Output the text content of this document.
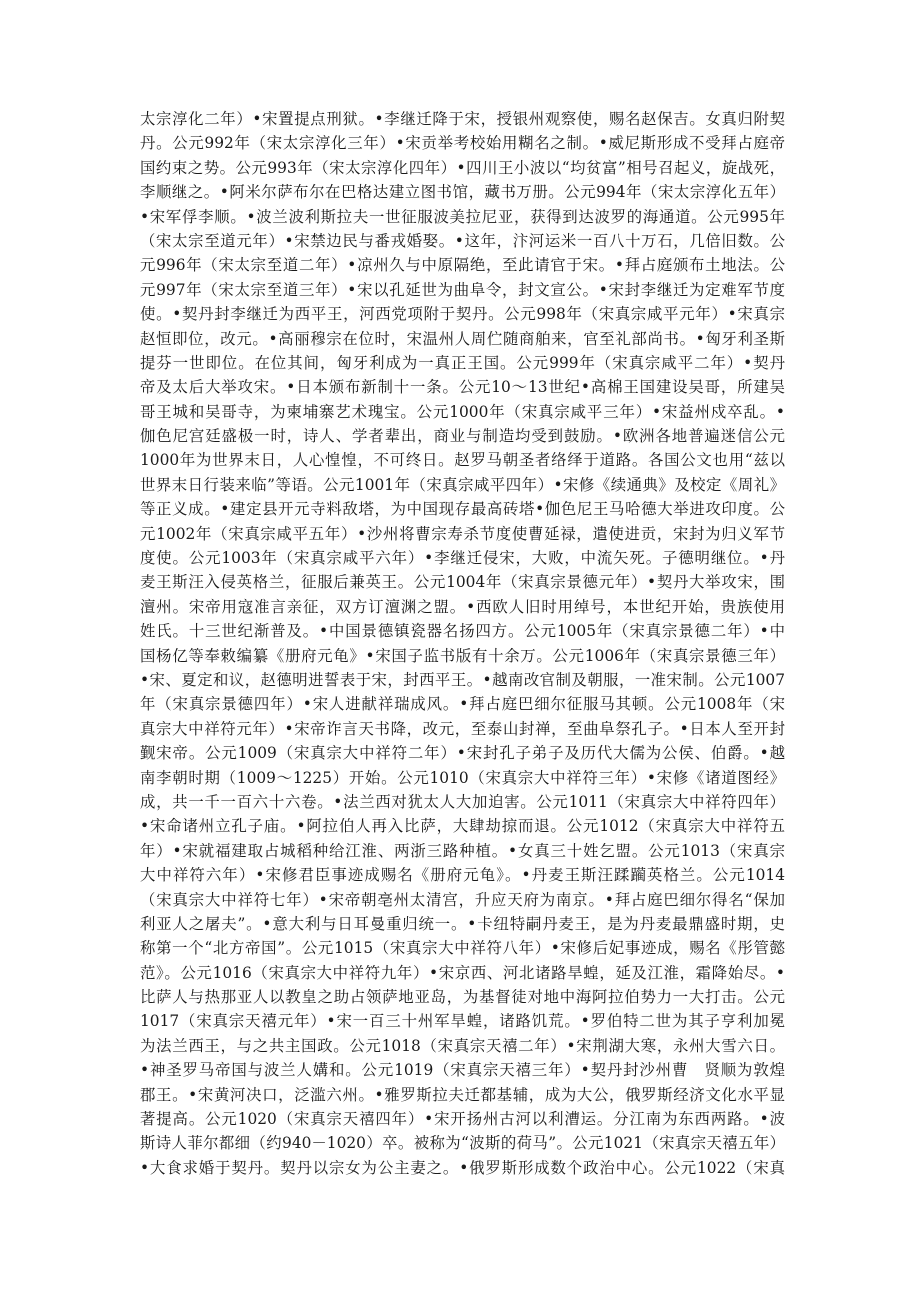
太宗淳化二年）•宋置提点刑狱。•李继迁降于宋，授银州观察使，赐名赵保吉。女真归附契
丹。公元992年（宋太宗淳化三年）•宋贡举考校始用糊名之制。•威尼斯形成不受拜占庭帝
国约束之势。公元993年（宋太宗淳化四年）•四川王小波以“均贫富”相号召起义，旋战死，
李顺继之。•阿米尔萨布尔在巴格达建立图书馆，藏书万册。公元994年（宋太宗淳化五年）
•宋军俘李顺。•波兰波利斯拉夫一世征服波美拉尼亚，获得到达波罗的海通道。公元995年
（宋太宗至道元年）•宋禁边民与番戎婚娶。•这年，汴河运米一百八十万石，几倍旧数。公
元996年（宋太宗至道二年）•凉州久与中原隔绝，至此请官于宋。•拜占庭颁布土地法。公
元997年（宋太宗至道三年）•宋以孔延世为曲阜令，封文宣公。•宋封李继迁为定难军节度
使。•契丹封李继迁为西平王，河西党项附于契丹。公元998年（宋真宗咸平元年）•宋真宗
赵恒即位，改元。•高丽穆宗在位时，宋温州人周伫随商舶来，官至礼部尚书。•匈牙利圣斯
提芬一世即位。在位其间，匈牙利成为一真正王国。公元999年（宋真宗咸平二年）•契丹
帝及太后大举攻宋。•日本颁布新制十一条。公元10～13世纪•高棉王国建设吴哥，所建吴
哥王城和吴哥寺，为柬埔寨艺术瑰宝。公元1000年（宋真宗咸平三年）•宋益州戍卒乱。•
伽色尼宫廷盛极一时，诗人、学者辈出，商业与制造均受到鼓励。•欧洲各地普遍迷信公元
1000年为世界末日，人心惶惶，不可终日。赵罗马朝圣者络绎于道路。各国公文也用“兹以
世界末日行装来临”等语。公元1001年（宋真宗咸平四年）•宋修《续通典》及校定《周礼》
等正义成。•建定县开元寺料敌塔，为中国现存最高砖塔•伽色尼王马哈德大举进攻印度。公
元1002年（宋真宗咸平五年）•沙州将曹宗寿杀节度使曹延禄，遣使进贡，宋封为归义军节
度使。公元1003年（宋真宗咸平六年）•李继迁侵宋，大败，中流矢死。子德明继位。•丹
麦王斯汪入侵英格兰，征服后兼英王。公元1004年（宋真宗景德元年）•契丹大举攻宋，围
澶州。宋帝用寇准言亲征，双方订澶渊之盟。•西欧人旧时用绰号，本世纪开始，贵族使用
姓氏。十三世纪渐普及。•中国景德镇瓷器名扬四方。公元1005年（宋真宗景德二年）•中
国杨亿等奉敕编纂《册府元龟》•宋国子监书版有十余万。公元1006年（宋真宗景德三年）
•宋、夏定和议，赵德明进誓表于宋，封西平王。•越南改官制及朝服，一准宋制。公元1007
年（宋真宗景德四年）•宋人进献祥瑞成风。•拜占庭巴细尔征服马其顿。公元1008年（宋
真宗大中祥符元年）•宋帝诈言天书降，改元，至泰山封禅，至曲阜祭孔子。•日本人至开封
觐宋帝。公元1009（宋真宗大中祥符二年）•宋封孔子弟子及历代大儒为公侯、伯爵。•越
南李朝时期（1009～1225）开始。公元1010（宋真宗大中祥符三年）•宋修《诸道图经》
成，共一千一百六十六卷。•法兰西对犹太人大加迫害。公元1011（宋真宗大中祥符四年）
•宋命诸州立孔子庙。•阿拉伯人再入比萨，大肆劫掠而退。公元1012（宋真宗大中祥符五
年）•宋就福建取占城稻种给江淮、两浙三路种植。•女真三十姓乞盟。公元1013（宋真宗
大中祥符六年）•宋修君臣事迹成赐名《册府元龟》。•丹麦王斯汪蹂躏英格兰。公元1014
（宋真宗大中祥符七年）•宋帝朝亳州太清宫，升应天府为南京。•拜占庭巴细尔得名“保加
利亚人之屠夫”。•意大利与日耳曼重归统一。•卡纽特嗣丹麦王，是为丹麦最鼎盛时期，史
称第一个“北方帝国”。公元1015（宋真宗大中祥符八年）•宋修后妃事迹成，赐名《彤管懿
范》。公元1016（宋真宗大中祥符九年）•宋京西、河北诸路旱蝗，延及江淮，霜降始尽。•
比萨人与热那亚人以教皇之助占领萨地亚岛，为基督徒对地中海阿拉伯势力一大打击。公元
1017（宋真宗天禧元年）•宋一百三十州军旱蝗，诸路饥荒。•罗伯特二世为其子亨利加冕
为法兰西王，与之共主国政。公元1018（宋真宗天禧二年）•宋荆湖大寒，永州大雪六日。
•神圣罗马帝国与波兰人媾和。公元1019（宋真宗天禧三年）•契丹封沙州曹　贤顺为敦煌
郡王。•宋黄河决口，泛滥六州。•雅罗斯拉夫迁都基辅，成为大公，俄罗斯经济文化水平显
著提高。公元1020（宋真宗天禧四年）•宋开扬州古河以利漕运。分江南为东西两路。•波
斯诗人菲尔都细（约940－1020）卒。被称为“波斯的荷马”。公元1021（宋真宗天禧五年）
•大食求婚于契丹。契丹以宗女为公主妻之。•俄罗斯形成数个政治中心。公元1022（宋真
